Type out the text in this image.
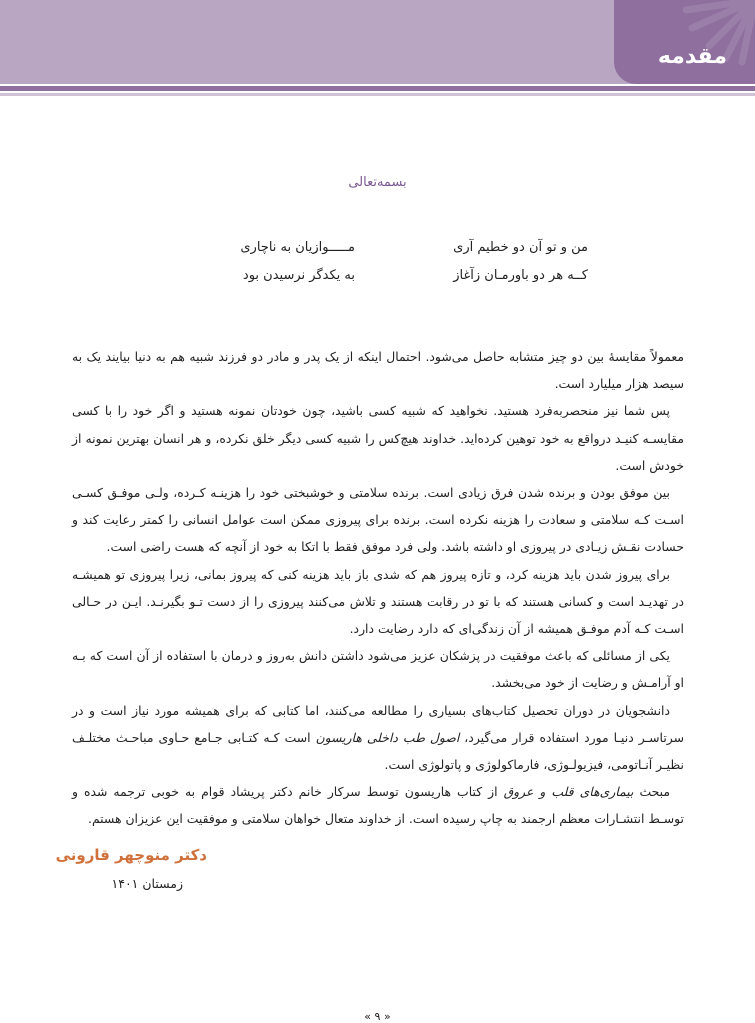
مقدمه
بسمه‌تعالی
من و تو آن دو خطیم آری
مـــــوازیان به ناچاری
کــه هر دو باورمـان زآغاز
به یکدگر نرسیدن بود

معمولاً مقایسهٔ بین دو چیز متشابه حاصل می‌شود. احتمال اینکه از یک پدر و مادر دو فرزند شبیه هم به دنیا بیایند یک به سیصد هزار میلیارد است.

پس شما نیز منحصربه‌فرد هستید. نخواهید که شبیه کسی باشید، چون خودتان نمونه هستید و اگر خود را با کسی مقایسـه کنیـد درواقع به خود توهین کرده‌اید. خداوند هیچ‌کس را شبیه کسی دیگر خلق نکرده، و هر انسان بهترین نمونه از خودش است.

بین موفق بودن و برنده شدن فرق زیادی است. برنده سلامتی و خوشبختی خود را هزینـه کـرده، ولـی موفـق کسـی اسـت کـه سلامتی و سعادت را هزینه نکرده است. برنده برای پیروزی ممکن است عوامل انسانی را کمتر رعایت کند و حسادت نقـش زیـادی در پیروزی او داشته باشد. ولی فرد موفق فقط با اتکا به خود از آنچه که هست راضی است.

برای پیروز شدن باید هزینه کرد، و تازه پیروز هم که شدی باز باید هزینه کنی که پیروز بمانی، زیرا پیروزی تو همیشـه در تهدیـد است و کسانی هستند که با تو در رقابت هستند و تلاش می‌کنند پیروزی را از دست تـو بگیرنـد. ایـن در حـالی اسـت کـه آدم موفـق همیشه از آن زندگی‌ای که دارد رضایت دارد.

یکی از مسائلی که باعث موفقیت در پزشکان عزیز می‌شود داشتن دانش به‌روز و درمان با استفاده از آن است که بـه او آرامـش و رضایت از خود می‌بخشد.

دانشجویان در دوران تحصیل کتاب‌های بسیاری را مطالعه می‌کنند، اما کتابی که برای همیشه مورد نیاز است و در سرتاسـر دنیـا مورد استفاده قرار می‌گیرد، اصول طب داخلی هاریسون است کـه کتـابی جـامع حـاوی مباحـث مختلـف نظیـر آنـاتومی، فیزیولـوژی، فارماکولوژی و پاتولوژی است.

مبحث بیماری‌های قلب و عروق از کتاب هاریسون توسط سرکار خانم دکتر پریشاد قوام به خوبی ترجمه شده و توسـط انتشـارات معظم ارجمند به چاپ رسیده است. از خداوند متعال خواهان سلامتی و موفقیت این عزیزان هستم.

دکتر منوچهر قارونی
زمستان ۱۴۰۱
« ۹ »
